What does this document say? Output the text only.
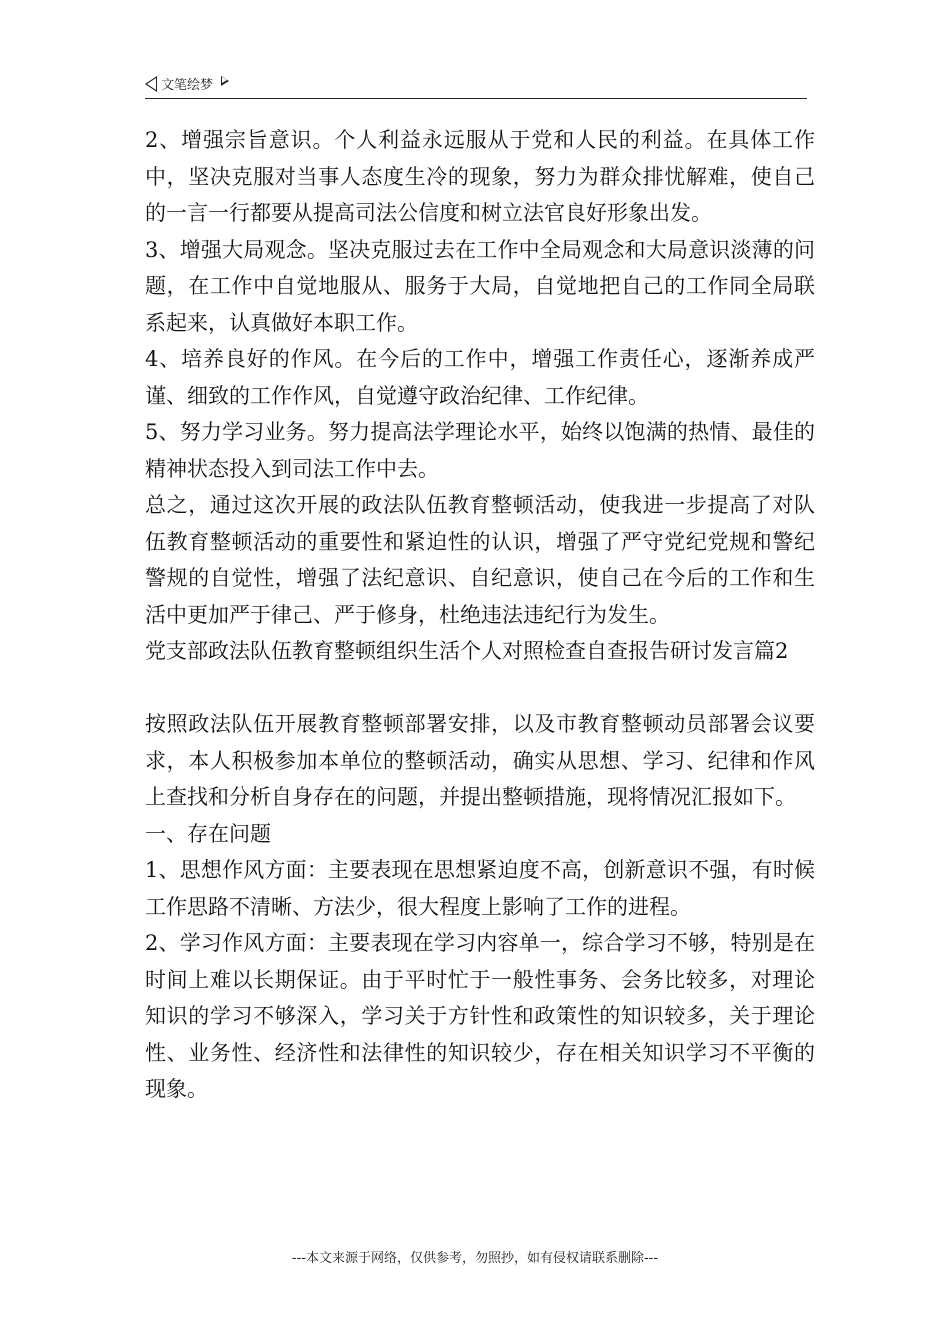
文笔绘梦

2、增强宗旨意识。个人利益永远服从于党和人民的利益。在具体工作中，坚决克服对当事人态度生冷的现象，努力为群众排忧解难，使自己的一言一行都要从提高司法公信度和树立法官良好形象出发。

3、增强大局观念。坚决克服过去在工作中全局观念和大局意识淡薄的问题，在工作中自觉地服从、服务于大局，自觉地把自己的工作同全局联系起来，认真做好本职工作。

4、培养良好的作风。在今后的工作中，增强工作责任心，逐渐养成严谨、细致的工作作风，自觉遵守政治纪律、工作纪律。

5、努力学习业务。努力提高法学理论水平，始终以饱满的热情、最佳的精神状态投入到司法工作中去。

总之，通过这次开展的政法队伍教育整顿活动，使我进一步提高了对队伍教育整顿活动的重要性和紧迫性的认识，增强了严守党纪党规和警纪警规的自觉性，增强了法纪意识、自纪意识，使自己在今后的工作和生活中更加严于律己、严于修身，杜绝违法违纪行为发生。

党支部政法队伍教育整顿组织生活个人对照检查自查报告研讨发言篇2

按照政法队伍开展教育整顿部署安排，以及市教育整顿动员部署会议要求，本人积极参加本单位的整顿活动，确实从思想、学习、纪律和作风上查找和分析自身存在的问题，并提出整顿措施，现将情况汇报如下。

一、存在问题

1、思想作风方面：主要表现在思想紧迫度不高，创新意识不强，有时候工作思路不清晰、方法少，很大程度上影响了工作的进程。

2、学习作风方面：主要表现在学习内容单一，综合学习不够，特别是在时间上难以长期保证。由于平时忙于一般性事务、会务比较多，对理论知识的学习不够深入，学习关于方针性和政策性的知识较多，关于理论性、业务性、经济性和法律性的知识较少，存在相关知识学习不平衡的现象。

---本文来源于网络，仅供参考，勿照抄，如有侵权请联系删除---
